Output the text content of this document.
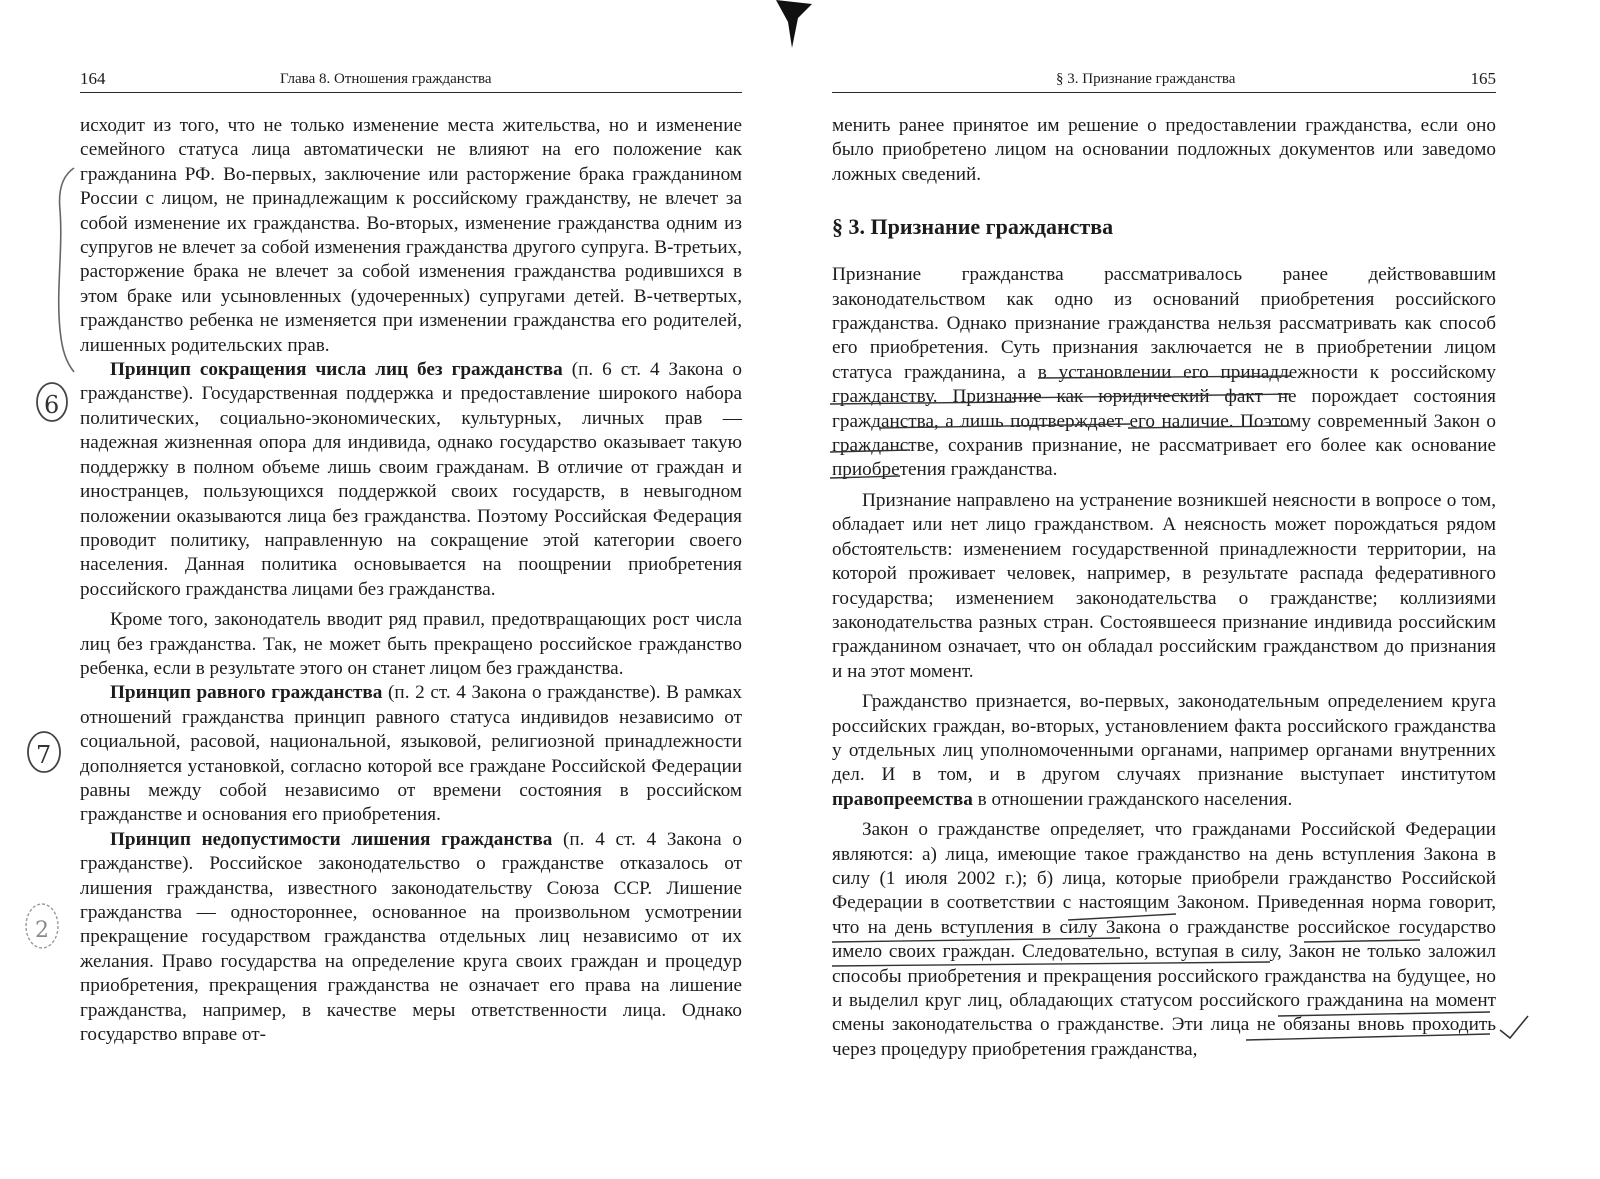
164	Глава 8. Отношения гражданства

исходит из того, что не только изменение места жительства, но и изменение семейного статуса лица автоматически не влияют на его положение как гражданина РФ. Во-первых, заключение или расторжение брака гражданином России с лицом, не принадлежащим к российскому гражданству, не влечет за собой изменение их гражданства. Во-вторых, изменение гражданства одним из супругов не влечет за собой изменения гражданства другого супруга. В-третьих, расторжение брака не влечет за собой изменения гражданства родившихся в этом браке или усыновленных (удочеренных) супругами детей. В-четвертых, гражданство ребенка не изменяется при изменении гражданства его родителей, лишенных родительских прав.

Принцип сокращения числа лиц без гражданства (п. 6 ст. 4 Закона о гражданстве). Государственная поддержка и предоставление широкого набора политических, социально-экономических, культурных, личных прав — надежная жизненная опора для индивида, однако государство оказывает такую поддержку в полном объеме лишь своим гражданам. В отличие от граждан и иностранцев, пользующихся поддержкой своих государств, в невыгодном положении оказываются лица без гражданства. Поэтому Российская Федерация проводит политику, направленную на сокращение этой категории своего населения. Данная политика основывается на поощрении приобретения российского гражданства лицами без гражданства.

Кроме того, законодатель вводит ряд правил, предотвращающих рост числа лиц без гражданства. Так, не может быть прекращено российское гражданство ребенка, если в результате этого он станет лицом без гражданства.

Принцип равного гражданства (п. 2 ст. 4 Закона о гражданстве). В рамках отношений гражданства принцип равного статуса индивидов независимо от социальной, расовой, национальной, языковой, религиозной принадлежности дополняется установкой, согласно которой все граждане Российской Федерации равны между собой независимо от времени состояния в российском гражданстве и основания его приобретения.

Принцип недопустимости лишения гражданства (п. 4 ст. 4 Закона о гражданстве). Российское законодательство о гражданстве отказалось от лишения гражданства, известного законодательству Союза ССР. Лишение гражданства — одностороннее, основанное на произвольном усмотрении прекращение государством гражданства отдельных лиц независимо от их желания. Право государства на определение круга своих граждан и процедур приобретения, прекращения гражданства не означает его права на лишение гражданства, например, в качестве меры ответственности лица. Однако государство вправе от-

§ 3. Признание гражданства	165

менить ранее принятое им решение о предоставлении гражданства, если оно было приобретено лицом на основании подложных документов или заведомо ложных сведений.

§ 3. Признание гражданства

Признание гражданства рассматривалось ранее действовавшим законодательством как одно из оснований приобретения российского гражданства. Однако признание гражданства нельзя рассматривать как способ его приобретения. Суть признания заключается не в приобретении лицом статуса гражданина, а в установлении его принадлежности к российскому гражданству. Признание как юридический факт не порождает состояния гражданства, а лишь подтверждает его наличие. Поэтому современный Закон о гражданстве, сохранив признание, не рассматривает его более как основание приобретения гражданства.

Признание направлено на устранение возникшей неясности в вопросе о том, обладает или нет лицо гражданством. А неясность может порождаться рядом обстоятельств: изменением государственной принадлежности территории, на которой проживает человек, например, в результате распада федеративного государства; изменением законодательства о гражданстве; коллизиями законодательства разных стран. Состоявшееся признание индивида российским гражданином означает, что он обладал российским гражданством до признания и на этот момент.

Гражданство признается, во-первых, законодательным определением круга российских граждан, во-вторых, установлением факта российского гражданства у отдельных лиц уполномоченными органами, например органами внутренних дел. И в том, и в другом случаях признание выступает институтом правопреемства в отношении гражданского населения.

Закон о гражданстве определяет, что гражданами Российской Федерации являются: а) лица, имеющие такое гражданство на день вступления Закона в силу (1 июля 2002 г.); б) лица, которые приобрели гражданство Российской Федерации в соответствии с настоящим Законом. Приведенная норма говорит, что на день вступления в силу Закона о гражданстве российское государство имело своих граждан. Следовательно, вступая в силу, Закон не только заложил способы приобретения и прекращения российского гражданства на будущее, но и выделил круг лиц, обладающих статусом российского гражданина на момент смены законодательства о гражданстве. Эти лица не обязаны вновь проходить через процедуру приобретения гражданства,

6
7
2
